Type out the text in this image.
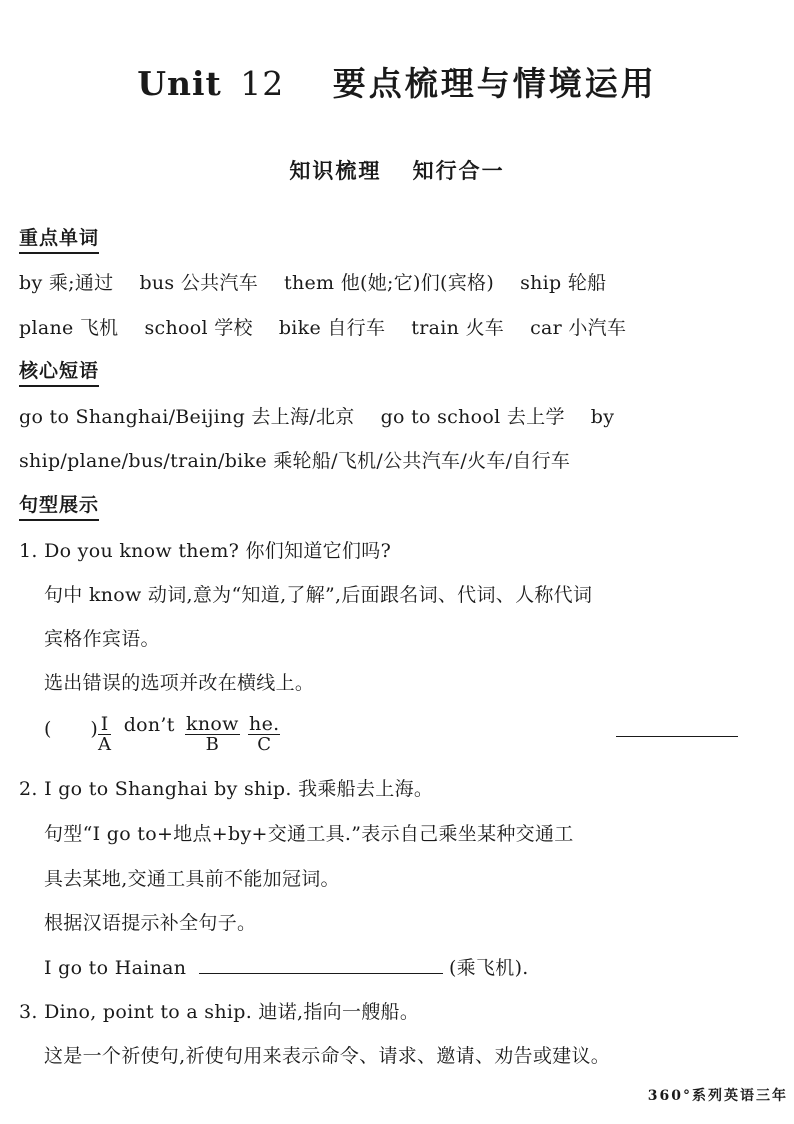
Unit 12 要点梳理与情境运用
知识梳理 知行合一
重点单词
by 乘;通过 bus 公共汽车 them 他(她;它)们(宾格) ship 轮船
plane 飞机 school 学校 bike 自行车 train 火车 car 小汽车
核心短语
go to Shanghai/Beijing 去上海/北京 go to school 去上学 by
ship/plane/bus/train/bike 乘轮船/飞机/公共汽车/火车/自行车
句型展示
1. Do you know them? 你们知道它们吗?
句中 know 动词,意为“知道,了解”,后面跟名词、代词、人称代词
宾格作宾语。
选出错误的选项并改在横线上。
(　　) $\frac{I}{A}$ don’t know
B
	$\frac{he.}{C}$
2. I go to Shanghai by ship. 我乘船去上海。
句型“I go to+地点+by+交通工具.”表示自己乘坐某种交通工
具去某地,交通工具前不能加冠词。
根据汉语提示补全句子。
I go to Hainan	(乘飞机).
3. Dino, point to a ship. 迪诺,指向一艘船。
这是一个祈使句,祈使句用来表示命令、请求、邀请、劝告或建议。
360°系列英语三年
